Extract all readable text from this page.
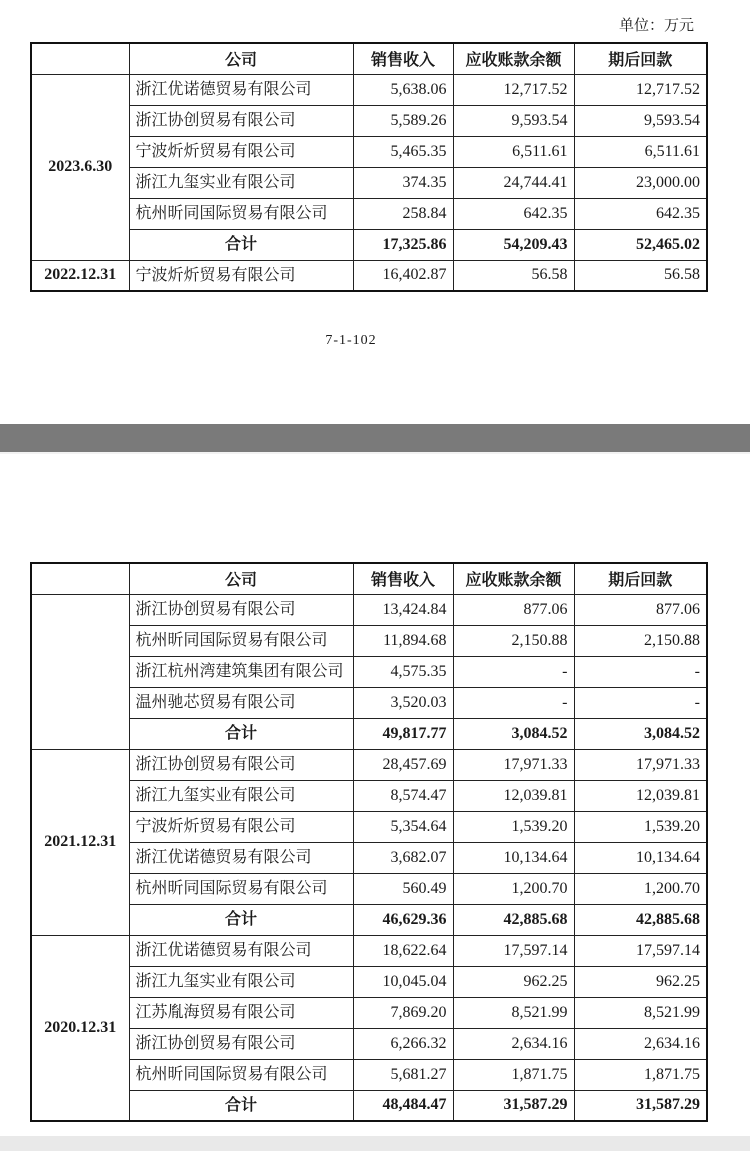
单位：万元
	公司	销售收入	应收账款余额	期后回款
2023.6.30	浙江优诺德贸易有限公司	5,638.06	12,717.52	12,717.52
	浙江协创贸易有限公司	5,589.26	9,593.54	9,593.54
	宁波炘炘贸易有限公司	5,465.35	6,511.61	6,511.61
	浙江九玺实业有限公司	374.35	24,744.41	23,000.00
	杭州昕同国际贸易有限公司	258.84	642.35	642.35
	合计	17,325.86	54,209.43	52,465.02
2022.12.31	宁波炘炘贸易有限公司	16,402.87	56.58	56.58
7-1-102
	公司	销售收入	应收账款余额	期后回款
	浙江协创贸易有限公司	13,424.84	877.06	877.06
	杭州昕同国际贸易有限公司	11,894.68	2,150.88	2,150.88
	浙江杭州湾建筑集团有限公司	4,575.35	-	-
	温州驰芯贸易有限公司	3,520.03	-	-
	合计	49,817.77	3,084.52	3,084.52
2021.12.31	浙江协创贸易有限公司	28,457.69	17,971.33	17,971.33
	浙江九玺实业有限公司	8,574.47	12,039.81	12,039.81
	宁波炘炘贸易有限公司	5,354.64	1,539.20	1,539.20
	浙江优诺德贸易有限公司	3,682.07	10,134.64	10,134.64
	杭州昕同国际贸易有限公司	560.49	1,200.70	1,200.70
	合计	46,629.36	42,885.68	42,885.68
2020.12.31	浙江优诺德贸易有限公司	18,622.64	17,597.14	17,597.14
	浙江九玺实业有限公司	10,045.04	962.25	962.25
	江苏胤海贸易有限公司	7,869.20	8,521.99	8,521.99
	浙江协创贸易有限公司	6,266.32	2,634.16	2,634.16
	杭州昕同国际贸易有限公司	5,681.27	1,871.75	1,871.75
	合计	48,484.47	31,587.29	31,587.29
